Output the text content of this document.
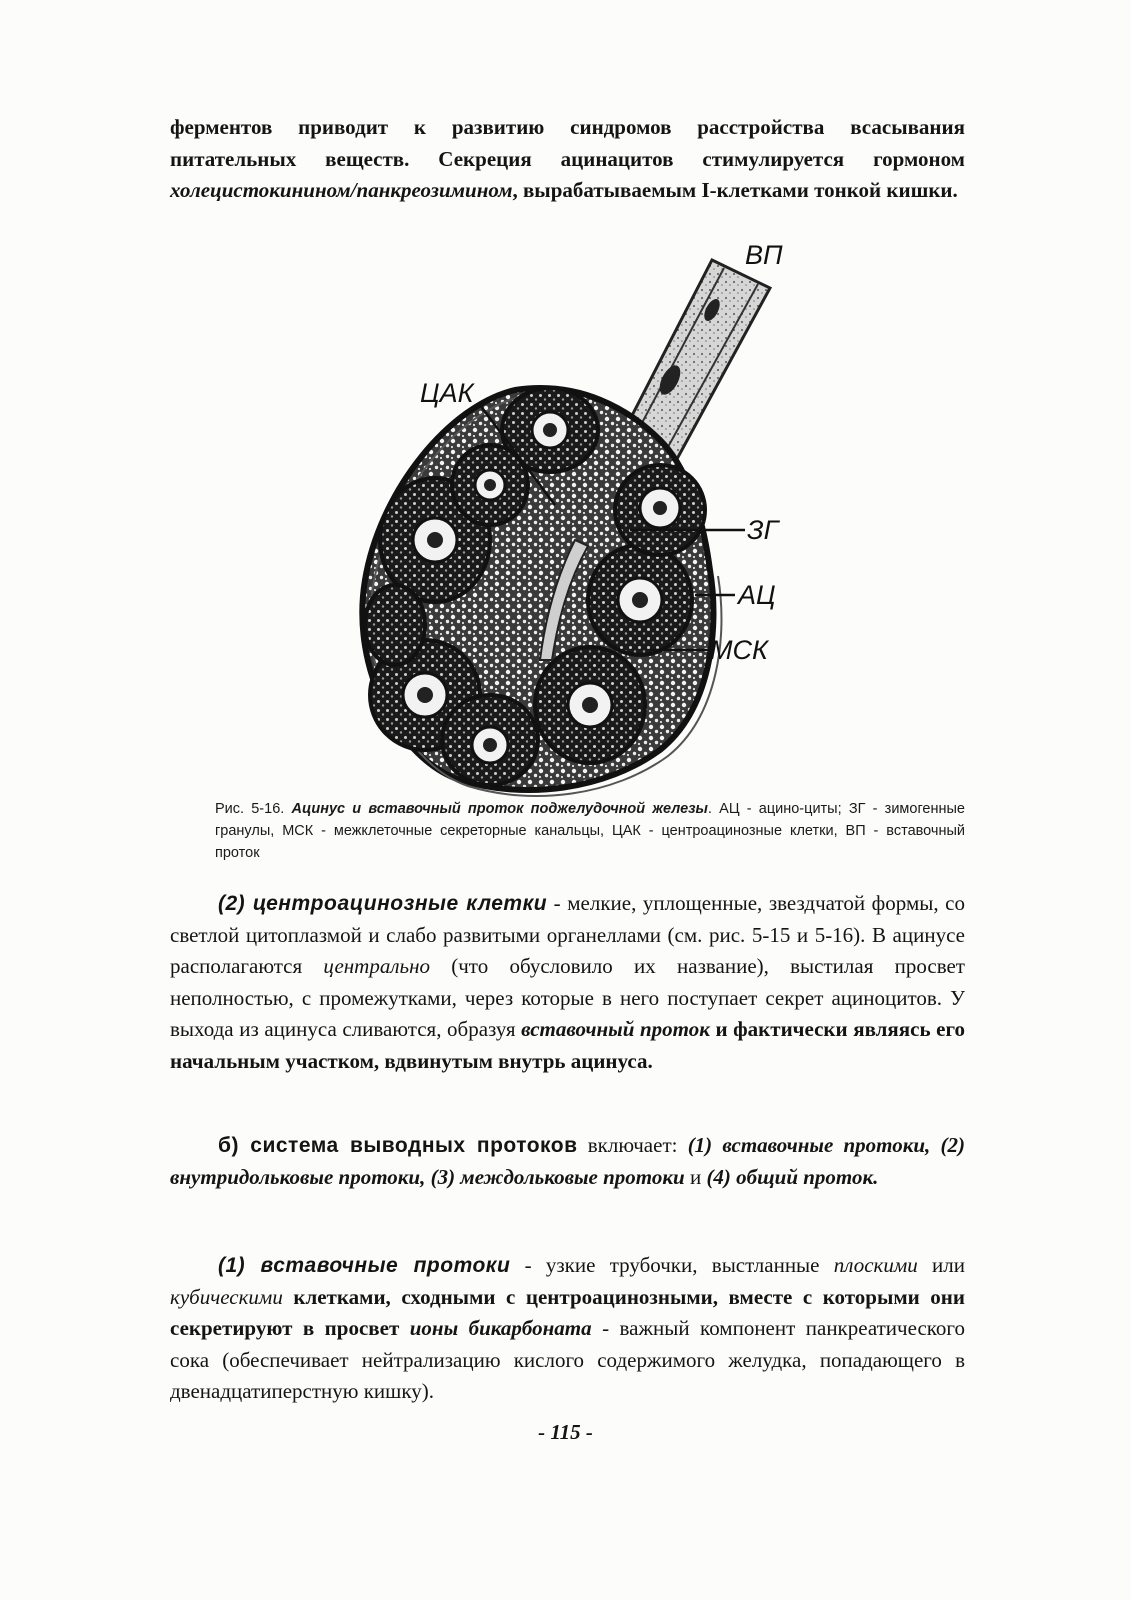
ферментов приводит к развитию синдромов расстройства всасывания питательных веществ. Секреция ацинацитов стимулируется гормоном холецистокинином/панкреозимином, вырабатываемым I-клетками тонкой кишки.

ВП

ЦАК

ЗГ

АЦ

МСК

Рис. 5-16. Ацинус и вставочный проток поджелудочной железы. АЦ - ацино-циты; ЗГ - зимогенные гранулы, МСК - межклеточные секреторные канальцы, ЦАК - центроацинозные клетки, ВП - вставочный проток

(2) центроацинозные клетки - мелкие, уплощенные, звездчатой формы, со светлой цитоплазмой и слабо развитыми органеллами (см. рис. 5-15 и 5-16). В ацинусе располагаются центрально (что обусловило их название), выстилая просвет неполностью, с промежутками, через которые в него поступает секрет ациноцитов. У выхода из ацинуса сливаются, образуя вставочный проток и фактически являясь его начальным участком, вдвинутым внутрь ацинуса.

б) система выводных протоков включает: (1) вставочные протоки, (2) внутридольковые протоки, (3) междольковые протоки и (4) общий проток.

(1) вставочные протоки - узкие трубочки, выстланные плоскими или кубическими клетками, сходными с центроацинозными, вместе с которыми они секретируют в просвет ионы бикарбоната - важный компонент панкреатического сока (обеспечивает нейтрализацию кислого содержимого желудка, попадающего в двенадцатиперстную кишку).

- 115 -
